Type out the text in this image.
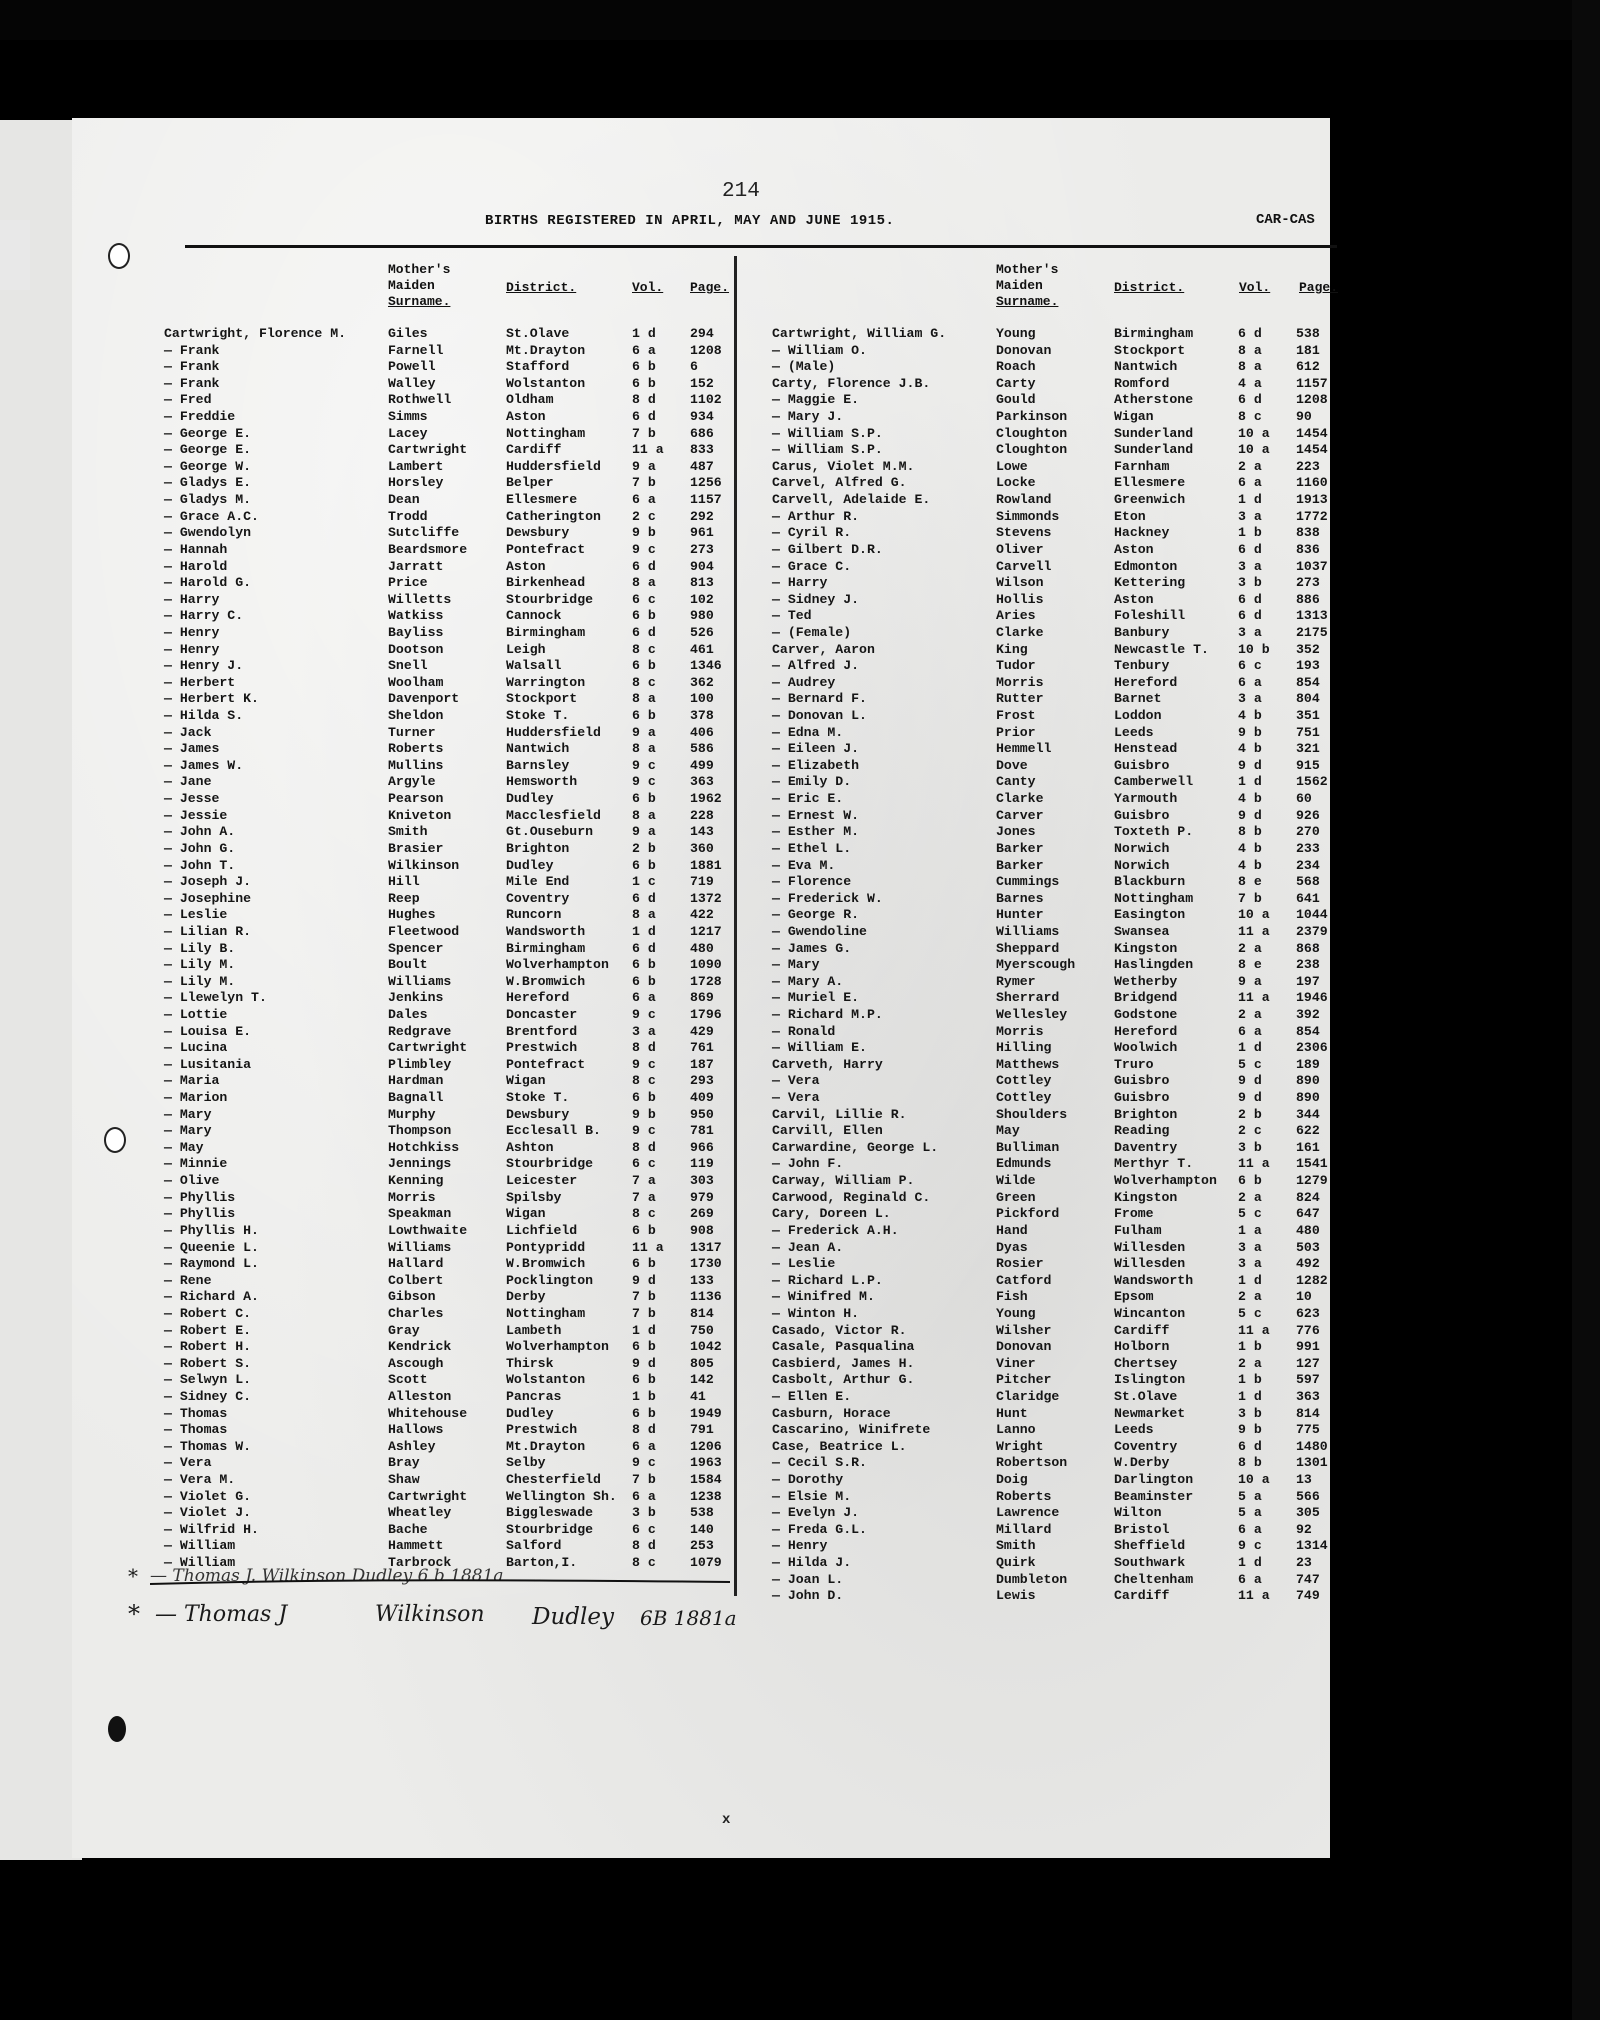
214
BIRTHS REGISTERED IN APRIL, MAY AND JUNE 1915.	CAR-CAS
Mother's
Maiden
Surname.
District.	Vol. Page.
Mother's
Maiden
Surname.
District.	Vol. Page.
Cartwright, Florence M.	Giles	St.Olave	1 d	294
— Frank	Farnell	Mt.Drayton	6 a	1208
— Frank	Powell	Stafford	6 b	6
— Frank	Walley	Wolstanton	6 b	152
— Fred	Rothwell	Oldham	8 d	1102
— Freddie	Simms	Aston	6 d	934
— George E.	Lacey	Nottingham	7 b	686
— George E.	Cartwright	Cardiff	11 a 833
— George W.	Lambert	Huddersfield 9 a	487
— Gladys E.	Horsley	Belper	7 b	1256
— Gladys M.	Dean	Ellesmere	6 a	1157
— Grace A.C.	Trodd	Catherington 2 c	292
— Gwendolyn	Sutcliffe	Dewsbury	9 b	961
— Hannah	Beardsmore	Pontefract	9 c	273
— Harold	Jarratt	Aston	6 d	904
— Harold G.	Price	Birkenhead	8 a	813
— Harry	Willetts	Stourbridge	6 c	102
— Harry C.	Watkiss	Cannock	6 b	980
— Henry	Bayliss	Birmingham	6 d	526
— Henry	Dootson	Leigh	8 c	461
— Henry J.	Snell	Walsall	6 b	1346
— Herbert	Woolham	Warrington	8 c	362
— Herbert K.	Davenport	Stockport	8 a	100
— Hilda S.	Sheldon	Stoke T.	6 b	378
— Jack	Turner	Huddersfield 9 a	406
— James	Roberts	Nantwich	8 a	586
— James W.	Mullins	Barnsley	9 c	499
— Jane	Argyle	Hemsworth	9 c	363
— Jesse	Pearson	Dudley	6 b	1962
— Jessie	Kniveton	Macclesfield 8 a	228
— John A.	Smith	Gt.Ouseburn	9 a	143
— John G.	Brasier	Brighton	2 b	360
— John T.	Wilkinson	Dudley	6 b	1881
— Joseph J.	Hill	Mile End	1 c	719
— Josephine	Reep	Coventry	6 d	1372
— Leslie	Hughes	Runcorn	8 a	422
— Lilian R.	Fleetwood	Wandsworth	1 d	1217
— Lily B.	Spencer	Birmingham	6 d	480
— Lily M.	Boult	Wolverhampton 6 b	1090
— Lily M.	Williams	W.Bromwich	6 b	1728
— Llewelyn T.	Jenkins	Hereford	6 a	869
— Lottie	Dales	Doncaster	9 c	1796
— Louisa E.	Redgrave	Brentford	3 a	429
— Lucina	Cartwright	Prestwich	8 d	761
— Lusitania	Plimbley	Pontefract	9 c	187
— Maria	Hardman	Wigan	8 c	293
— Marion	Bagnall	Stoke T.	6 b	409
— Mary	Murphy	Dewsbury	9 b	950
— Mary	Thompson	Ecclesall B. 9 c	781
— May	Hotchkiss	Ashton	8 d	966
— Minnie	Jennings	Stourbridge	6 c	119
— Olive	Kenning	Leicester	7 a	303
— Phyllis	Morris	Spilsby	7 a	979
— Phyllis	Speakman	Wigan	8 c	269
— Phyllis H.	Lowthwaite	Lichfield	6 b	908
— Queenie L.	Williams	Pontypridd	11 a 1317
— Raymond L.	Hallard	W.Bromwich	6 b	1730
— Rene	Colbert	Pocklington	9 d	133
— Richard A.	Gibson	Derby	7 b	1136
— Robert C.	Charles	Nottingham	7 b	814
— Robert E.	Gray	Lambeth	1 d	750
— Robert H.	Kendrick	Wolverhampton 6 b	1042
— Robert S.	Ascough	Thirsk	9 d	805
— Selwyn L.	Scott	Wolstanton	6 b	142
— Sidney C.	Alleston	Pancras	1 b	41
— Thomas	Whitehouse	Dudley	6 b	1949
— Thomas	Hallows	Prestwich	8 d	791
— Thomas W.	Ashley	Mt.Drayton	6 a	1206
— Vera	Bray	Selby	9 c	1963
— Vera M.	Shaw	Chesterfield 7 b	1584
— Violet G.	Cartwright	Wellington Sh. 6 a	1238
— Violet J.	Wheatley	Biggleswade	3 b	538
— Wilfrid H.	Bache	Stourbridge	6 c	140
— William	Hammett	Salford	8 d	253
— William	Tarbrock	Barton,I.	8 c	1079
Cartwright, William G.	Young	Birmingham	6 d	538
— William O.	Donovan	Stockport	8 a	181
— (Male)	Roach	Nantwich	8 a	612
Carty, Florence J.B.	Carty	Romford	4 a	1157
— Maggie E.	Gould	Atherstone	6 d	1208
— Mary J.	Parkinson	Wigan	8 c	90
— William S.P.	Cloughton	Sunderland	10 a 1454
— William S.P.	Cloughton	Sunderland	10 a 1454
Carus, Violet M.M.	Lowe	Farnham	2 a	223
Carvel, Alfred G.	Locke	Ellesmere	6 a	1160
Carvell, Adelaide E.	Rowland	Greenwich	1 d	1913
— Arthur R.	Simmonds	Eton	3 a	1772
— Cyril R.	Stevens	Hackney	1 b	838
— Gilbert D.R.	Oliver	Aston	6 d	836
— Grace C.	Carvell	Edmonton	3 a	1037
— Harry	Wilson	Kettering	3 b	273
— Sidney J.	Hollis	Aston	6 d	886
— Ted	Aries	Foleshill	6 d	1313
— (Female)	Clarke	Banbury	3 a	2175
Carver, Aaron	King	Newcastle T. 10 b 352
— Alfred J.	Tudor	Tenbury	6 c	193
— Audrey	Morris	Hereford	6 a	854
— Bernard F.	Rutter	Barnet	3 a	804
— Donovan L.	Frost	Loddon	4 b	351
— Edna M.	Prior	Leeds	9 b	751
— Eileen J.	Hemmell	Henstead	4 b	321
— Elizabeth	Dove	Guisbro	9 d	915
— Emily D.	Canty	Camberwell	1 d	1562
— Eric E.	Clarke	Yarmouth	4 b	60
— Ernest W.	Carver	Guisbro	9 d	926
— Esther M.	Jones	Toxteth P.	8 b	270
— Ethel L.	Barker	Norwich	4 b	233
— Eva M.	Barker	Norwich	4 b	234
— Florence	Cummings	Blackburn	8 e	568
— Frederick W.	Barnes	Nottingham	7 b	641
— George R.	Hunter	Easington	10 a 1044
— Gwendoline	Williams	Swansea	11 a 2379
— James G.	Sheppard	Kingston	2 a	868
— Mary	Myerscough	Haslingden	8 e	238
— Mary A.	Rymer	Wetherby	9 a	197
— Muriel E.	Sherrard	Bridgend	11 a 1946
— Richard M.P.	Wellesley	Godstone	2 a	392
— Ronald	Morris	Hereford	6 a	854
— William E.	Hilling	Woolwich	1 d	2306
Carveth, Harry	Matthews	Truro	5 c	189
— Vera	Cottley	Guisbro	9 d	890
— Vera	Cottley	Guisbro	9 d	890
Carvil, Lillie R.	Shoulders	Brighton	2 b	344
Carvill, Ellen	May	Reading	2 c	622
Carwardine, George L.	Bulliman	Daventry	3 b	161
— John F.	Edmunds	Merthyr T.	11 a 1541
Carway, William P.	Wilde	Wolverhampton 6 b	1279
Carwood, Reginald C.	Green	Kingston	2 a	824
Cary, Doreen L.	Pickford	Frome	5 c	647
— Frederick A.H.	Hand	Fulham	1 a	480
— Jean A.	Dyas	Willesden	3 a	503
— Leslie	Rosier	Willesden	3 a	492
— Richard L.P.	Catford	Wandsworth	1 d	1282
— Winifred M.	Fish	Epsom	2 a	10
— Winton H.	Young	Wincanton	5 c	623
Casado, Victor R.	Wilsher	Cardiff	11 a 776
Casale, Pasqualina	Donovan	Holborn	1 b	991
Casbierd, James H.	Viner	Chertsey	2 a	127
Casbolt, Arthur G.	Pitcher	Islington	1 b	597
— Ellen E.	Claridge	St.Olave	1 d	363
Casburn, Horace	Hunt	Newmarket	3 b	814
Cascarino, Winifrete	Lanno	Leeds	9 b	775
Case, Beatrice L.	Wright	Coventry	6 d	1480
— Cecil S.R.	Robertson	W.Derby	8 b	1301
— Dorothy	Doig	Darlington	10 a 13
— Elsie M.	Roberts	Beaminster	5 a	566
— Evelyn J.	Lawrence	Wilton	5 a	305
— Freda G.L.	Millard	Bristol	6 a	92
— Henry	Smith	Sheffield	9 c	1314
— Hilda J.	Quirk	Southwark	1 d	23
— Joan L.	Dumbleton	Cheltenham	6 a	747
— John D.	Lewis	Cardiff	11 a 749
* — Thomas J. Wilkinson Dudley 6 b 1881a
* — Thomas J	Wilkinson Dudley 6B 1881a
x
